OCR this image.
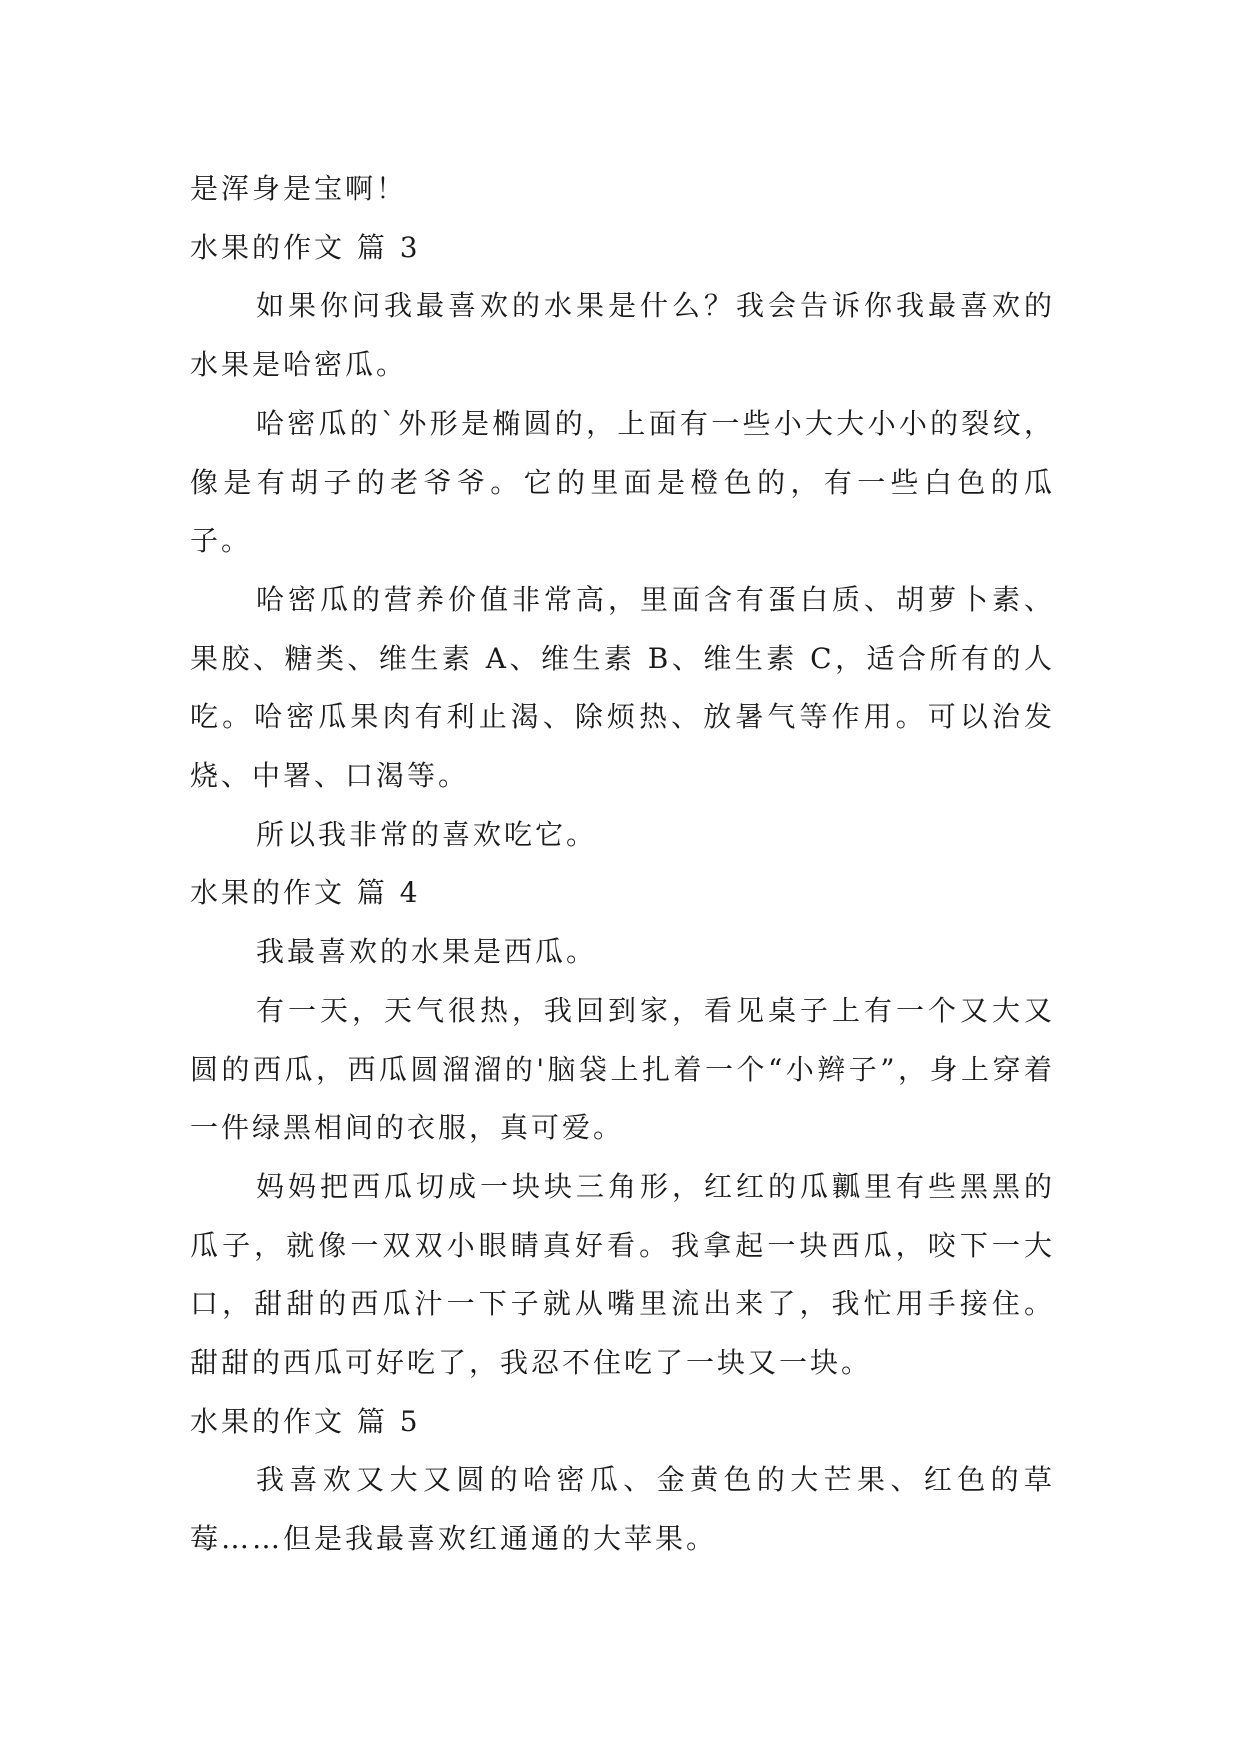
是浑身是宝啊！

水果的作文 篇 3

如果你问我最喜欢的水果是什么？我会告诉你我最喜欢的水果是哈密瓜。

哈密瓜的`外形是椭圆的，上面有一些小大大小小的裂纹，像是有胡子的老爷爷。它的里面是橙色的，有一些白色的瓜子。

哈密瓜的营养价值非常高，里面含有蛋白质、胡萝卜素、果胶、糖类、维生素 A、维生素 B、维生素 C，适合所有的人吃。哈密瓜果肉有利止渴、除烦热、放暑气等作用。可以治发烧、中署、口渴等。

所以我非常的喜欢吃它。

水果的作文 篇 4

我最喜欢的水果是西瓜。

有一天，天气很热，我回到家，看见桌子上有一个又大又圆的西瓜，西瓜圆溜溜的'脑袋上扎着一个“小辫子”，身上穿着一件绿黑相间的衣服，真可爱。

妈妈把西瓜切成一块块三角形，红红的瓜瓤里有些黑黑的瓜子，就像一双双小眼睛真好看。我拿起一块西瓜，咬下一大口，甜甜的西瓜汁一下子就从嘴里流出来了，我忙用手接住。甜甜的西瓜可好吃了，我忍不住吃了一块又一块。

水果的作文 篇 5

我喜欢又大又圆的哈密瓜、金黄色的大芒果、红色的草莓……但是我最喜欢红通通的大苹果。
